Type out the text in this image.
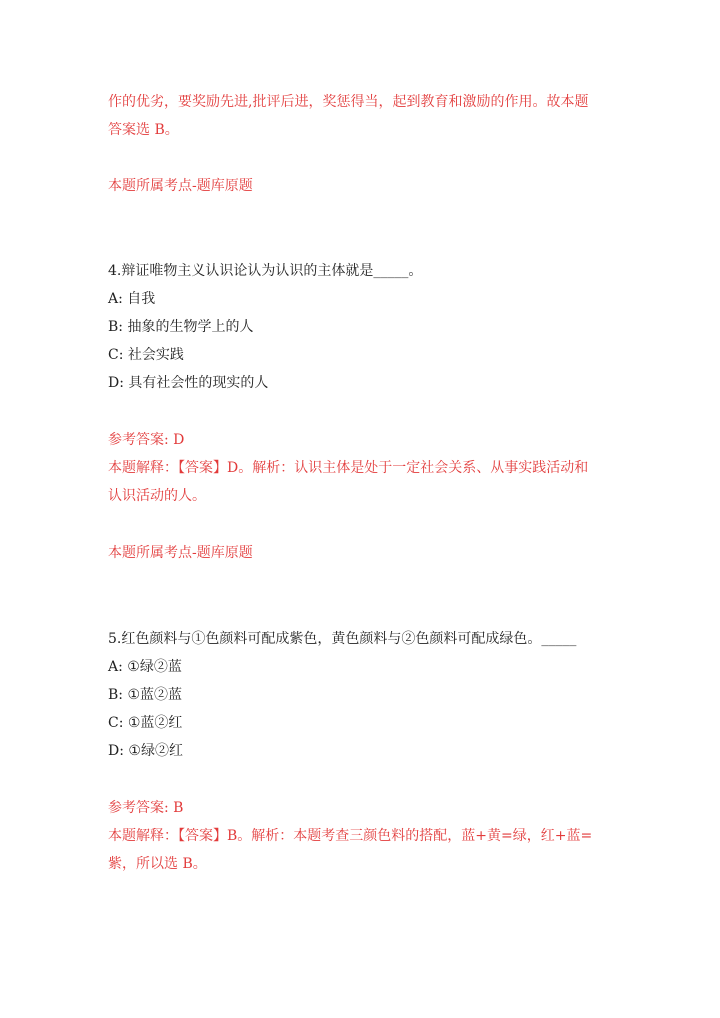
作的优劣，要奖励先进,批评后进，奖惩得当，起到教育和激励的作用。故本题
答案选 B。
本题所属考点-题库原题
4.辩证唯物主义认识论认为认识的主体就是_____。
A: 自我
B: 抽象的生物学上的人
C: 社会实践
D: 具有社会性的现实的人
参考答案: D
本题解释：【答案】D。解析：认识主体是处于一定社会关系、从事实践活动和
认识活动的人。
本题所属考点-题库原题
5.红色颜料与①色颜料可配成紫色，黄色颜料与②色颜料可配成绿色。_____
A: ①绿②蓝
B: ①蓝②蓝
C: ①蓝②红
D: ①绿②红
参考答案: B
本题解释：【答案】B。解析：本题考查三颜色料的搭配，蓝+黄=绿，红+蓝=
紫，所以选 B。
